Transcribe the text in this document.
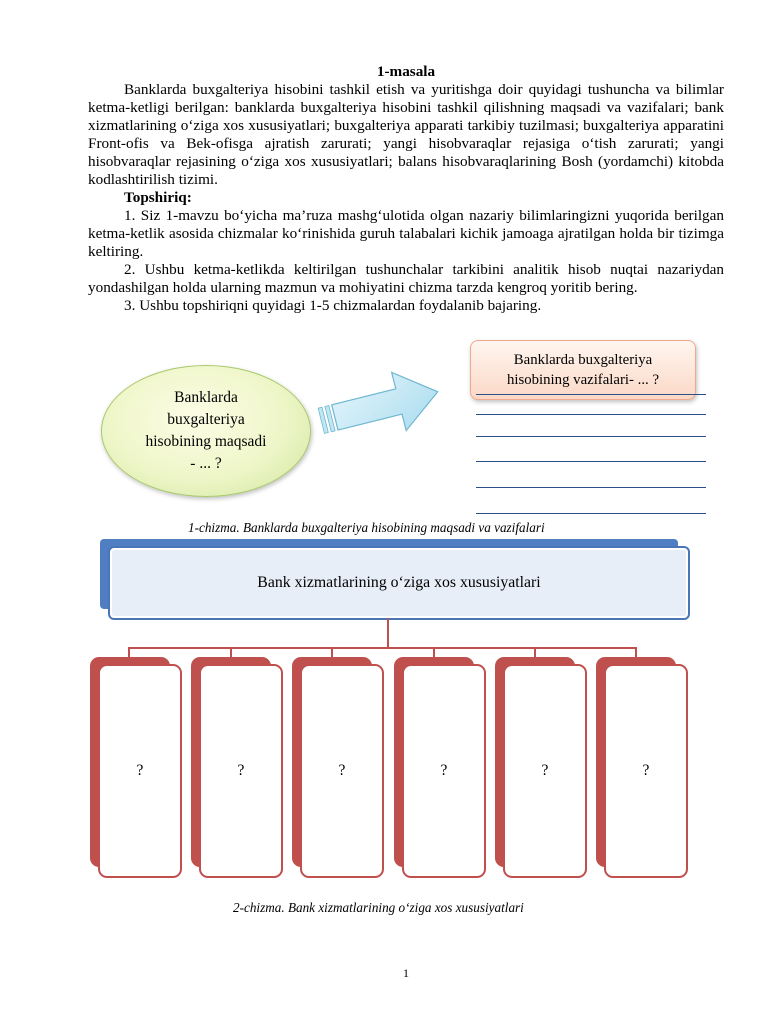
1-masala

Banklarda buxgalteriya hisobini tashkil etish va yuritishga doir quyidagi tushuncha va bilimlar ketma-ketligi berilgan: banklarda buxgalteriya hisobini tashkil qilishning maqsadi va vazifalari; bank xizmatlarining o‘ziga xos xususiyatlari; buxgalteriya apparati tarkibiy tuzilmasi; buxgalteriya apparatini Front-ofis va Bek-ofisga ajratish zarurati; yangi hisobvaraqlar rejasiga o‘tish zarurati; yangi hisobvaraqlar rejasining o‘ziga xos xususiyatlari; balans hisobvaraqlarining Bosh (yordamchi) kitobda kodlashtirilish tizimi.

Topshiriq:

1. Siz 1-mavzu bo‘yicha ma’ruza mashg‘ulotida olgan nazariy bilimlaringizni yuqorida berilgan ketma-ketlik asosida chizmalar ko‘rinishida guruh talabalari kichik jamoaga ajratilgan holda bir tizimga keltiring.

2. Ushbu ketma-ketlikda keltirilgan tushunchalar tarkibini analitik hisob nuqtai nazariydan yondashilgan holda ularning mazmun va mohiyatini chizma tarzda kengroq yoritib bering.

3. Ushbu topshiriqni quyidagi 1-5 chizmalardan foydalanib bajaring.

Banklarda buxgalteriya hisobining maqsadi - ... ?
Banklarda buxgalteriya hisobining vazifalari- ... ?
1-chizma. Banklarda buxgalteriya hisobining maqsadi va vazifalari
Bank xizmatlarining o‘ziga xos xususiyatlari
?	?	?	?	?	?
2-chizma. Bank xizmatlarining o‘ziga xos xususiyatlari
1
